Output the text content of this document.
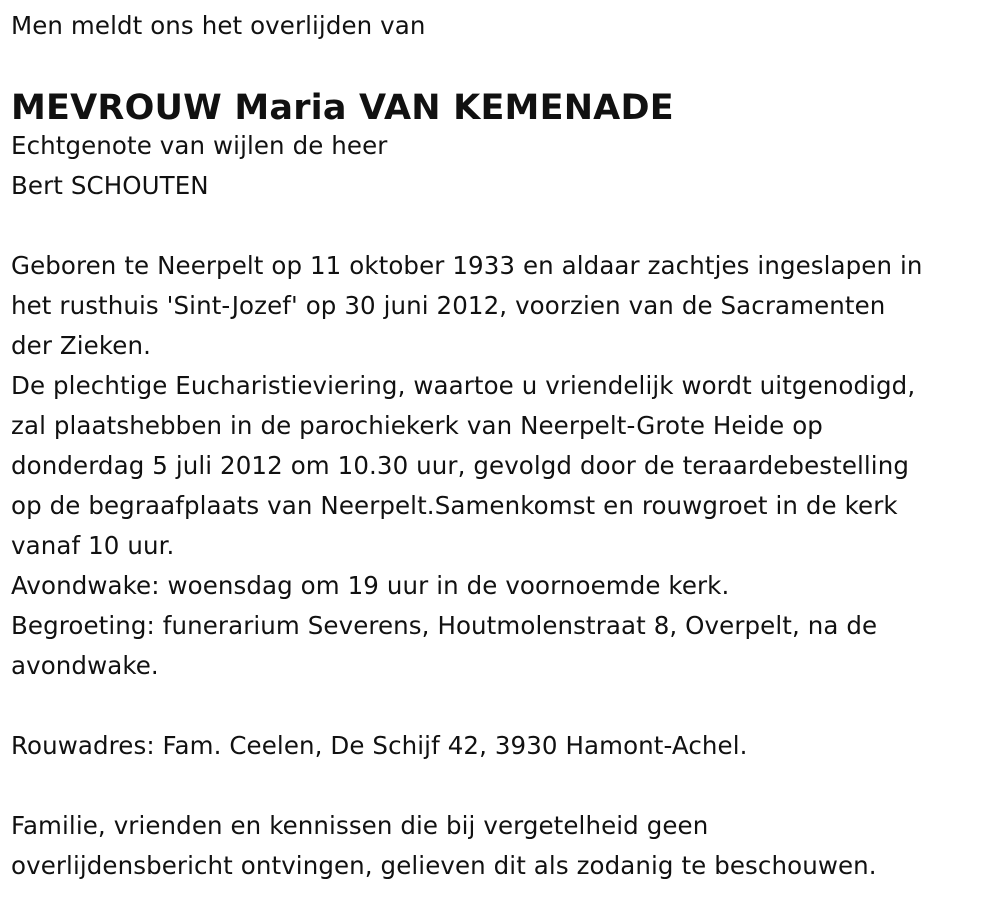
Men meldt ons het overlijden van
MEVROUW Maria VAN KEMENADE
Echtgenote van wijlen de heer
Bert SCHOUTEN
Geboren te Neerpelt op 11 oktober 1933 en aldaar zachtjes ingeslapen in
het rusthuis 'Sint-Jozef' op 30 juni 2012, voorzien van de Sacramenten
der Zieken.
De plechtige Eucharistieviering, waartoe u vriendelijk wordt uitgenodigd,
zal plaatshebben in de parochiekerk van Neerpelt-Grote Heide op
donderdag 5 juli 2012 om 10.30 uur, gevolgd door de teraardebestelling
op de begraafplaats van Neerpelt.Samenkomst en rouwgroet in de kerk
vanaf 10 uur.
Avondwake: woensdag om 19 uur in de voornoemde kerk.
Begroeting: funerarium Severens, Houtmolenstraat 8, Overpelt, na de
avondwake.
Rouwadres: Fam. Ceelen, De Schijf 42, 3930 Hamont-Achel.
Familie, vrienden en kennissen die bij vergetelheid geen
overlijdensbericht ontvingen, gelieven dit als zodanig te beschouwen.
